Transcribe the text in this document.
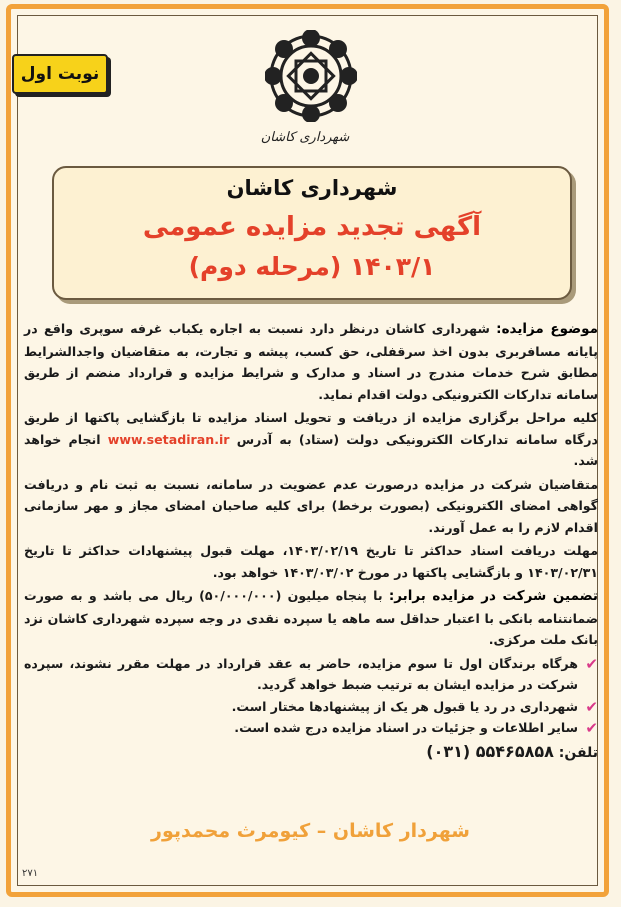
نوبت اول
شهرداری کاشان
شهرداری کاشان
آگهی تجدید مزایده عمومی
(مرحله دوم) ۱۴۰۳/۱

موضوع مزایده: شهرداری کاشان درنظر دارد نسبت به اجاره یکباب غرفه سوپری واقع در پایانه مسافربری بدون اخذ سرقفلی، حق کسب، پیشه و تجارت، به متقاضیان واجدالشرایط مطابق شرح خدمات مندرج در اسناد و مدارک و شرایط مزایده و قرارداد منضم از طریق سامانه تدارکات الکترونیکی دولت اقدام نماید.

کلیه مراحل برگزاری مزایده از دریافت و تحویل اسناد مزایده تا بازگشایی پاکتها از طریق درگاه سامانه تدارکات الکترونیکی دولت (ستاد) به آدرس www.setadiran.ir انجام خواهد شد.

متقاضیان شرکت در مزایده درصورت عدم عضویت در سامانه، نسبت به ثبت نام و دریافت گواهی امضای الکترونیکی (بصورت برخط) برای کلیه صاحبان امضای مجاز و مهر سازمانی اقدام لازم را به عمل آورند.

مهلت دریافت اسناد حداکثر تا تاریخ ۱۴۰۳/۰۲/۱۹، مهلت قبول پیشنهادات حداکثر تا تاریخ ۱۴۰۳/۰۲/۳۱ و بازگشایی پاکتها در مورخ ۱۴۰۳/۰۳/۰۲ خواهد بود.

تضمین شرکت در مزایده برابر: با پنجاه میلیون (۵۰/۰۰۰/۰۰۰) ریال می باشد و به صورت ضمانتنامه بانکی با اعتبار حداقل سه ماهه یا سپرده نقدی در وجه سپرده شهرداری کاشان نزد بانک ملت مرکزی.

✔
هرگاه برندگان اول تا سوم مزایده، حاضر به عقد قرارداد در مهلت مقرر نشوند، سپرده شرکت در مزایده ایشان به ترتیب ضبط خواهد گردید.
✔
شهرداری در رد یا قبول هر یک از پیشنهادها مختار است.
✔
سایر اطلاعات و جزئیات در اسناد مزایده درج شده است.
تلفن: ۵۵۴۶۵۸۵۸ (۰۳۱)
شهردار کاشان – کیومرث محمدپور
۲۷۱
